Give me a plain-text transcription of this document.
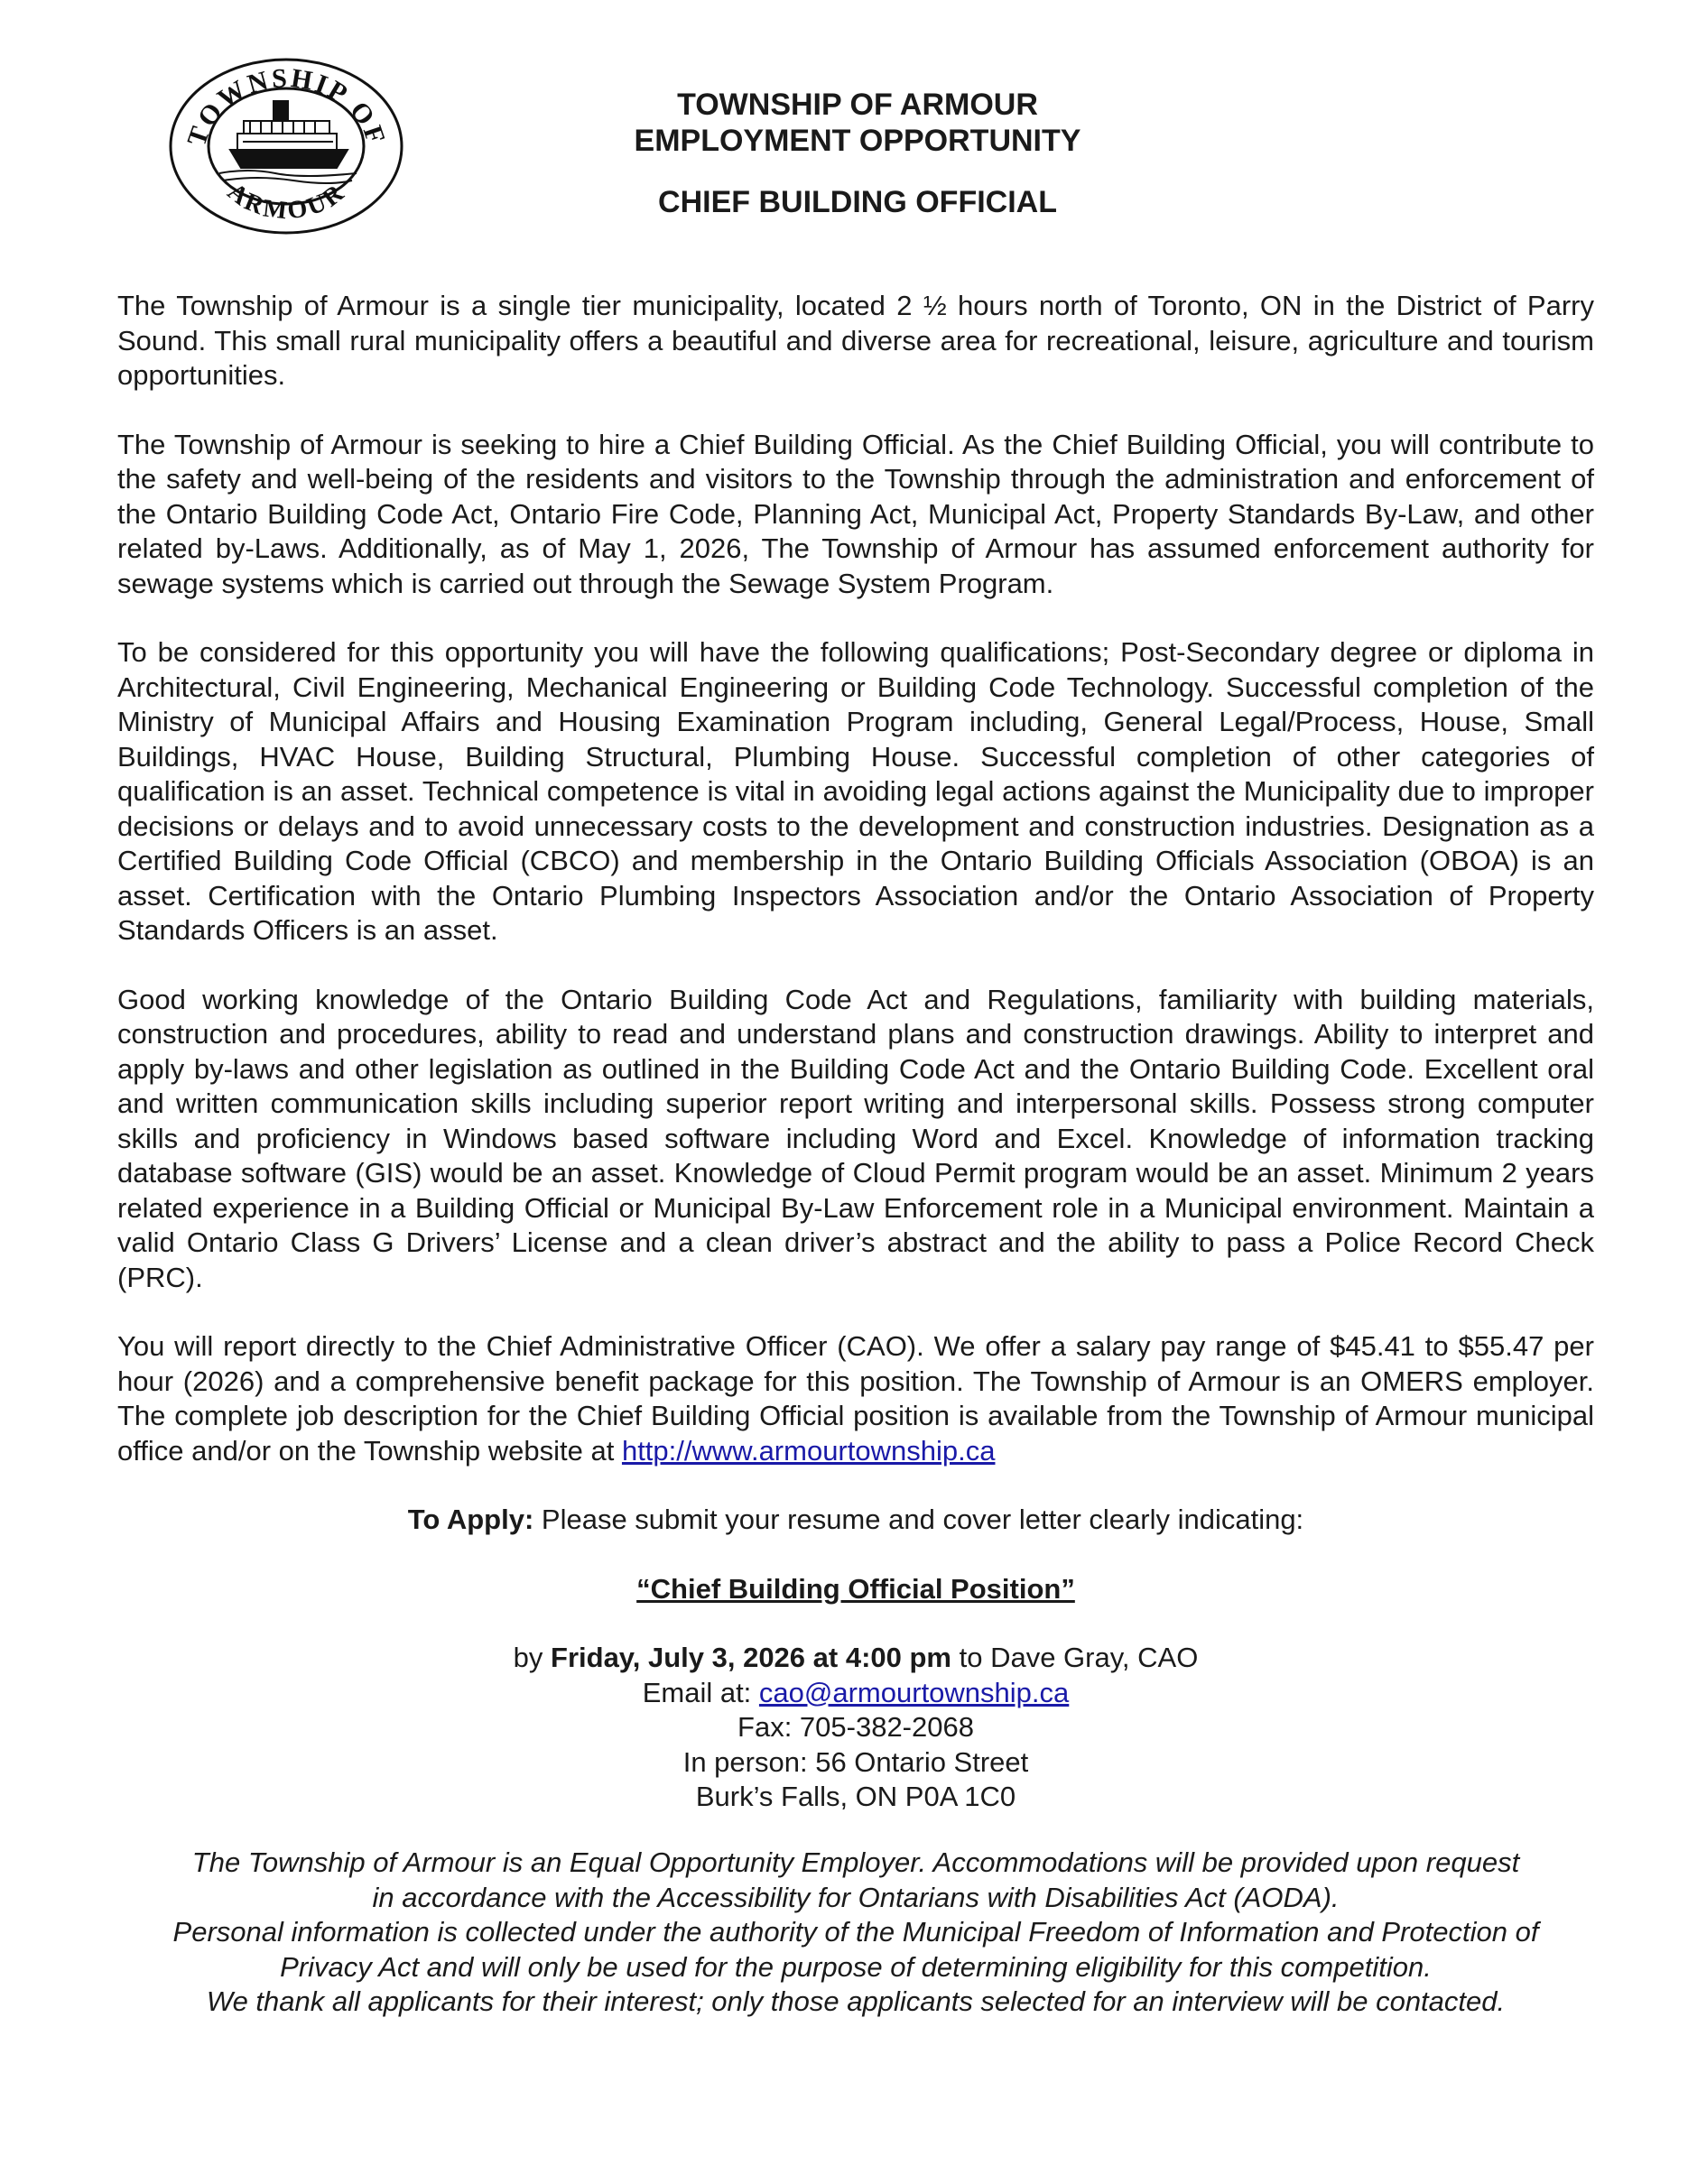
TOWNSHIP OF
ARMOUR
TOWNSHIP OF ARMOUR
EMPLOYMENT OPPORTUNITY
CHIEF BUILDING OFFICIAL

The Township of Armour is a single tier municipality, located 2 ½ hours north of Toronto, ON in the District of Parry Sound. This small rural municipality offers a beautiful and diverse area for recreational, leisure, agriculture and tourism opportunities.

The Township of Armour is seeking to hire a Chief Building Official. As the Chief Building Official, you will contribute to the safety and well-being of the residents and visitors to the Township through the administration and enforcement of the Ontario Building Code Act, Ontario Fire Code, Planning Act, Municipal Act, Property Standards By-Law, and other related by-Laws. Additionally, as of May 1, 2026, The Township of Armour has assumed enforcement authority for sewage systems which is carried out through the Sewage System Program.

To be considered for this opportunity you will have the following qualifications; Post-Secondary degree or diploma in Architectural, Civil Engineering, Mechanical Engineering or Building Code Technology. Successful completion of the Ministry of Municipal Affairs and Housing Examination Program including, General Legal/Process, House, Small Buildings, HVAC House, Building Structural, Plumbing House. Successful completion of other categories of qualification is an asset. Technical competence is vital in avoiding legal actions against the Municipality due to improper decisions or delays and to avoid unnecessary costs to the development and construction industries. Designation as a Certified Building Code Official (CBCO) and membership in the Ontario Building Officials Association (OBOA) is an asset. Certification with the Ontario Plumbing Inspectors Association and/or the Ontario Association of Property Standards Officers is an asset.

Good working knowledge of the Ontario Building Code Act and Regulations, familiarity with building materials, construction and procedures, ability to read and understand plans and construction drawings. Ability to interpret and apply by-laws and other legislation as outlined in the Building Code Act and the Ontario Building Code. Excellent oral and written communication skills including superior report writing and interpersonal skills. Possess strong computer skills and proficiency in Windows based software including Word and Excel. Knowledge of information tracking database software (GIS) would be an asset. Knowledge of Cloud Permit program would be an asset. Minimum 2 years related experience in a Building Official or Municipal By-Law Enforcement role in a Municipal environment. Maintain a valid Ontario Class G Drivers’ License and a clean driver’s abstract and the ability to pass a Police Record Check (PRC).

You will report directly to the Chief Administrative Officer (CAO). We offer a salary pay range of $45.41 to $55.47 per hour (2026) and a comprehensive benefit package for this position. The Township of Armour is an OMERS employer. The complete job description for the Chief Building Official position is available from the Township of Armour municipal office and/or on the Township website at http://www.armourtownship.ca

To Apply: Please submit your resume and cover letter clearly indicating:

“Chief Building Official Position”

by Friday, July 3, 2026 at 4:00 pm to Dave Gray, CAO

Email at: cao@armourtownship.ca

Fax: 705-382-2068

In person: 56 Ontario Street

Burk’s Falls, ON P0A 1C0

The Township of Armour is an Equal Opportunity Employer. Accommodations will be provided upon request

in accordance with the Accessibility for Ontarians with Disabilities Act (AODA).

Personal information is collected under the authority of the Municipal Freedom of Information and Protection of

Privacy Act and will only be used for the purpose of determining eligibility for this competition.

We thank all applicants for their interest; only those applicants selected for an interview will be contacted.
